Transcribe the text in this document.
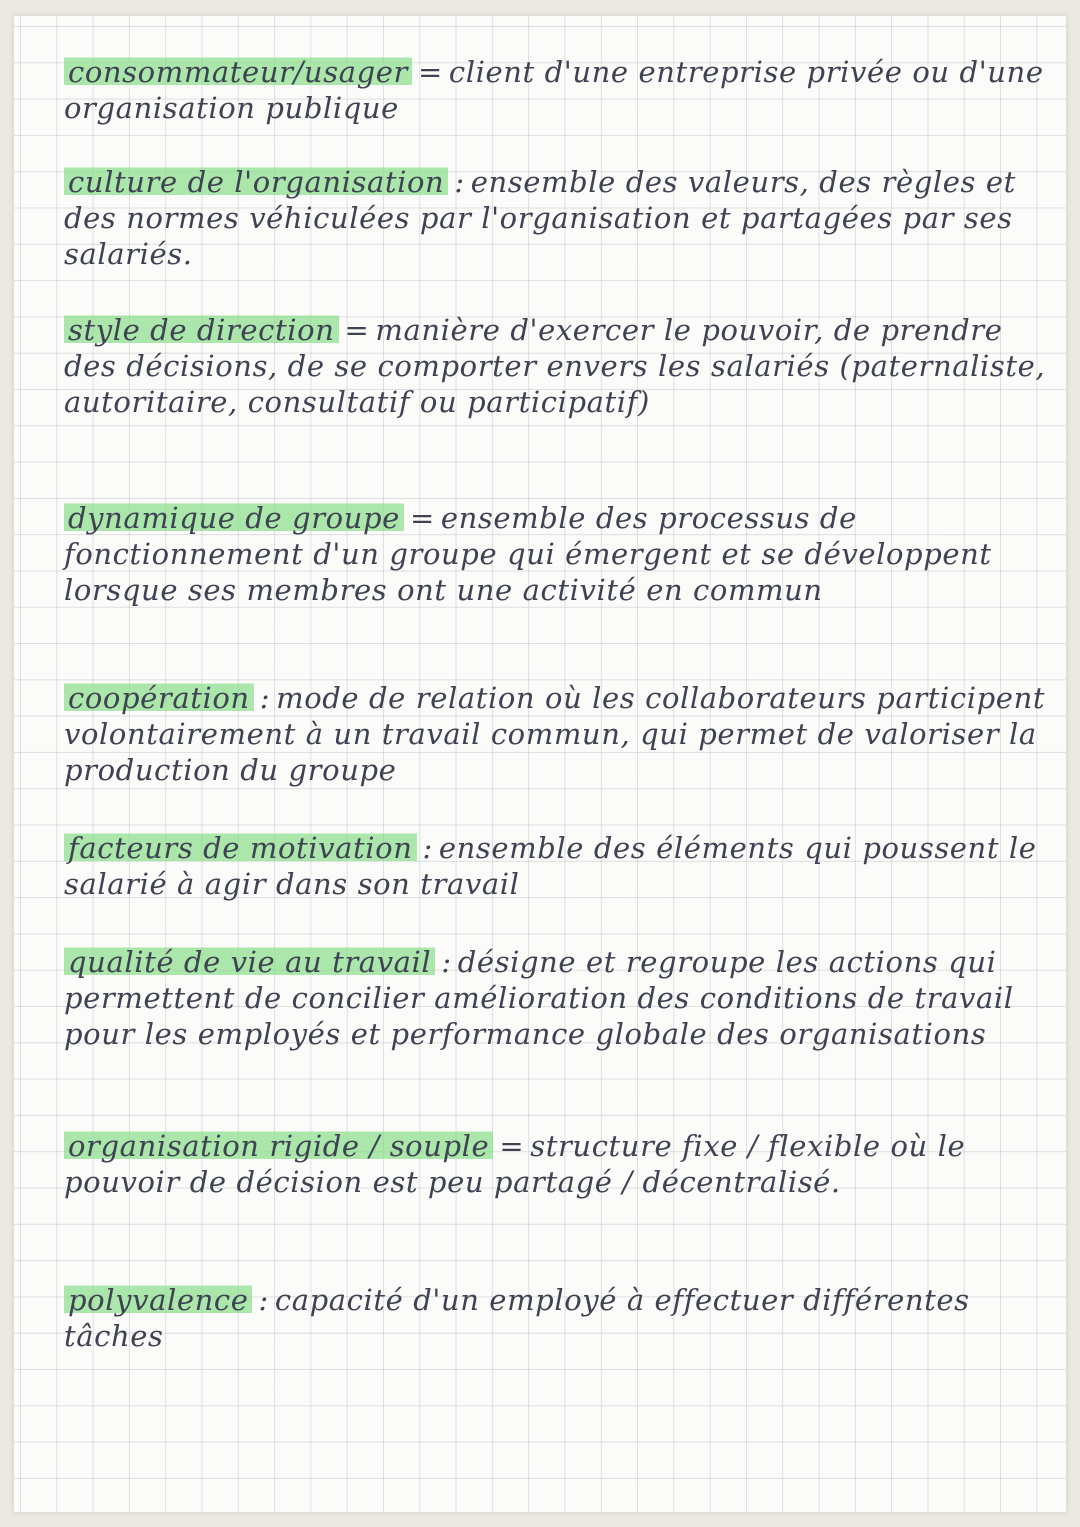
consommateur/usager = client d'une entreprise privée ou d'une organisation publique
culture de l'organisation : ensemble des valeurs, des règles et des normes véhiculées par l'organisation et partagées par ses salariés.
style de direction = manière d'exercer le pouvoir, de prendre des décisions, de se comporter envers les salariés (paternaliste, autoritaire, consultatif ou participatif)
dynamique de groupe = ensemble des processus de fonctionnement d'un groupe qui émergent et se développent lorsque ses membres ont une activité en commun
coopération : mode de relation où les collaborateurs participent volontairement à un travail commun, qui permet de valoriser la production du groupe
facteurs de motivation : ensemble des éléments qui poussent le salarié à agir dans son travail
qualité de vie au travail : désigne et regroupe les actions qui permettent de concilier amélioration des conditions de travail pour les employés et performance globale des organisations
organisation rigide / souple = structure fixe / flexible où le pouvoir de décision est peu partagé / décentralisé.
polyvalence : capacité d'un employé à effectuer différentes tâches
